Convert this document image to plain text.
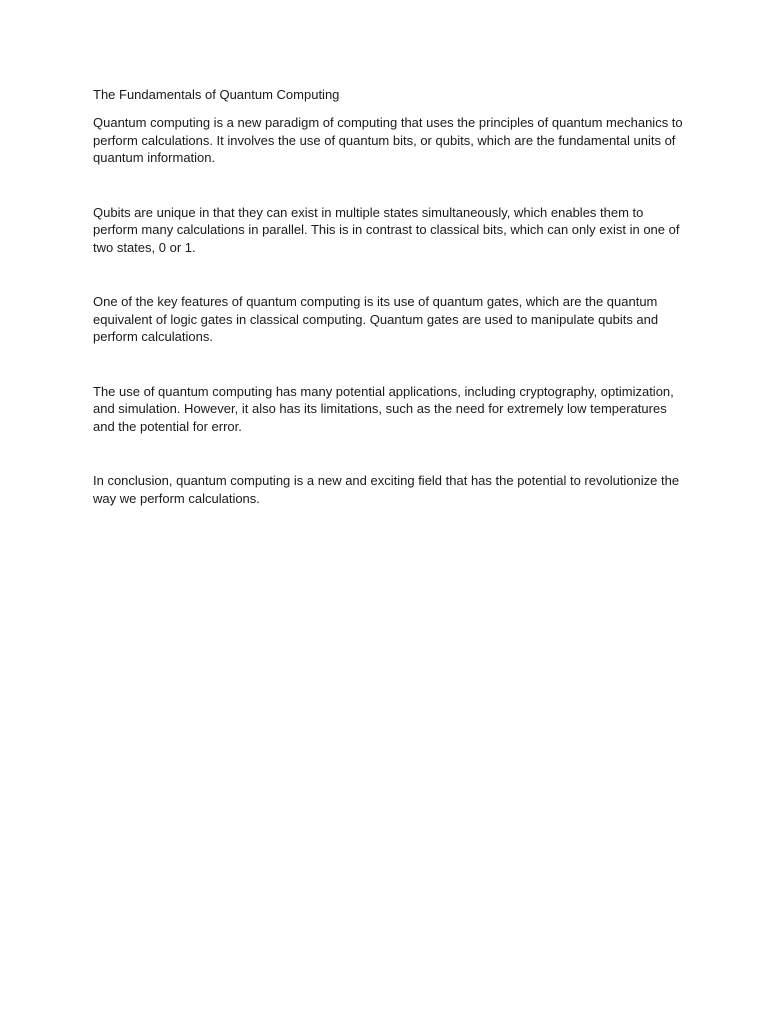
The Fundamentals of Quantum Computing

Quantum computing is a new paradigm of computing that uses the principles of quantum mechanics to perform calculations. It involves the use of quantum bits, or qubits, which are the fundamental units of quantum information.

Qubits are unique in that they can exist in multiple states simultaneously, which enables them to perform many calculations in parallel. This is in contrast to classical bits, which can only exist in one of two states, 0 or 1.

One of the key features of quantum computing is its use of quantum gates, which are the quantum equivalent of logic gates in classical computing. Quantum gates are used to manipulate qubits and perform calculations.

The use of quantum computing has many potential applications, including cryptography, optimization, and simulation. However, it also has its limitations, such as the need for extremely low temperatures and the potential for error.

In conclusion, quantum computing is a new and exciting field that has the potential to revolutionize the way we perform calculations.
